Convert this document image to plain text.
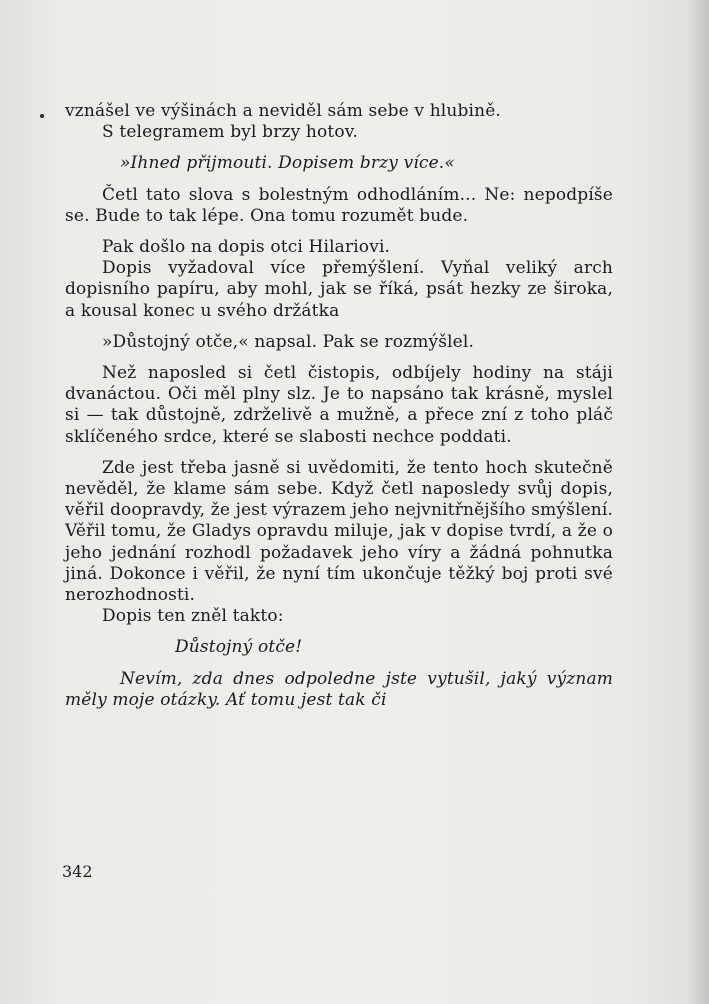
vznášel ve výšinách a neviděl sám sebe v hlubině.

S telegramem byl brzy hotov.

»Ihned přijmouti. Dopisem brzy více.«

Četl tato slova s bolestným odhodláním... Ne: nepodpíše se. Bude to tak lépe. Ona tomu rozumět bude.

Pak došlo na dopis otci Hilariovi.

Dopis vyžadoval více přemýšlení. Vyňal veliký arch dopisního papíru, aby mohl, jak se říká, psát hezky ze široka, a kousal konec u svého držátka

»Důstojný otče,« napsal. Pak se rozmýšlel.

Než naposled si četl čistopis, odbíjely hodiny na stáji dvanáctou. Oči měl plny slz. Je to napsáno tak krásně, myslel si — tak důstojně, zdrželivě a mužně, a přece zní z toho pláč sklíčeného srdce, které se slabosti nechce poddati.

Zde jest třeba jasně si uvědomiti, že tento hoch skutečně nevěděl, že klame sám sebe. Když četl naposledy svůj dopis, věřil doopravdy, že jest výrazem jeho nejvnitřnějšího smýšlení. Věřil tomu, že Gladys opravdu miluje, jak v dopise tvrdí, a že o jeho jednání rozhodl požadavek jeho víry a žádná pohnutka jiná. Dokonce i věřil, že nyní tím ukončuje těžký boj proti své nerozhodnosti.

Dopis ten zněl takto:

Důstojný otče!

Nevím, zda dnes odpoledne jste vytušil, jaký význam měly moje otázky. Ať tomu jest tak či

342
